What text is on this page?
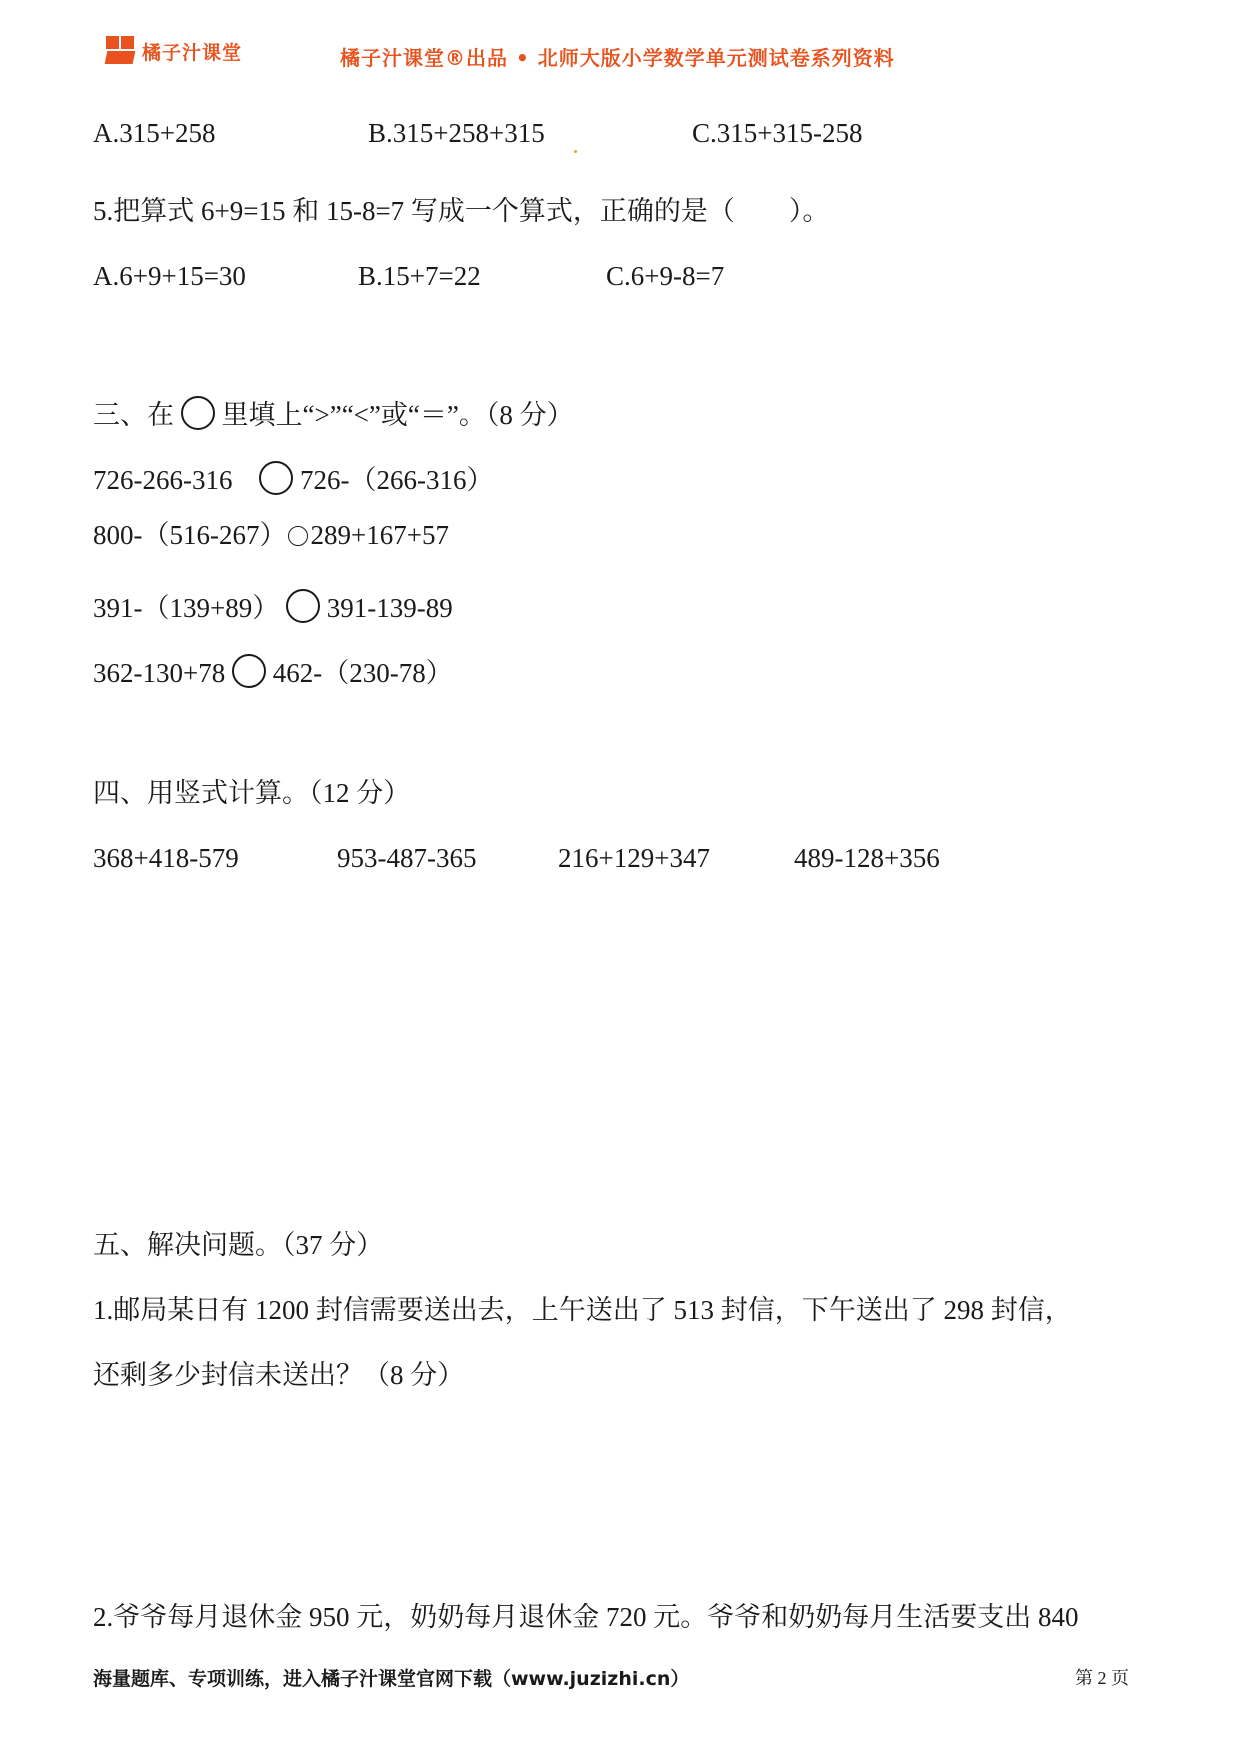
橘子汁课堂	橘子汁课堂®出品 • 北师大版小学数学单元测试卷系列资料
A.315+258	B.315+258+315	C.315+315-258
5.把算式 6+9=15 和 15-8=7 写成一个算式，正确的是（　　）。
A.6+9+15=30	B.15+7=22	C.6+9-8=7
三、在 里填上“>”“<”或“＝”。（8 分）
726-266-316	726-（266-316）
800-（516-267） 289+167+57
391-（139+89） 391-139-89
362-130+78 462-（230-78）
四、用竖式计算。（12 分）
368+418-579	953-487-365	216+129+347	489-128+356
五、解决问题。（37 分）
1.邮局某日有 1200 封信需要送出去，上午送出了 513 封信，下午送出了 298 封信，
还剩多少封信未送出？（8 分）
2.爷爷每月退休金 950 元，奶奶每月退休金 720 元。爷爷和奶奶每月生活要支出 840
海量题库、专项训练，进入橘子汁课堂官网下载（www.juzizhi.cn）	第 2 页
